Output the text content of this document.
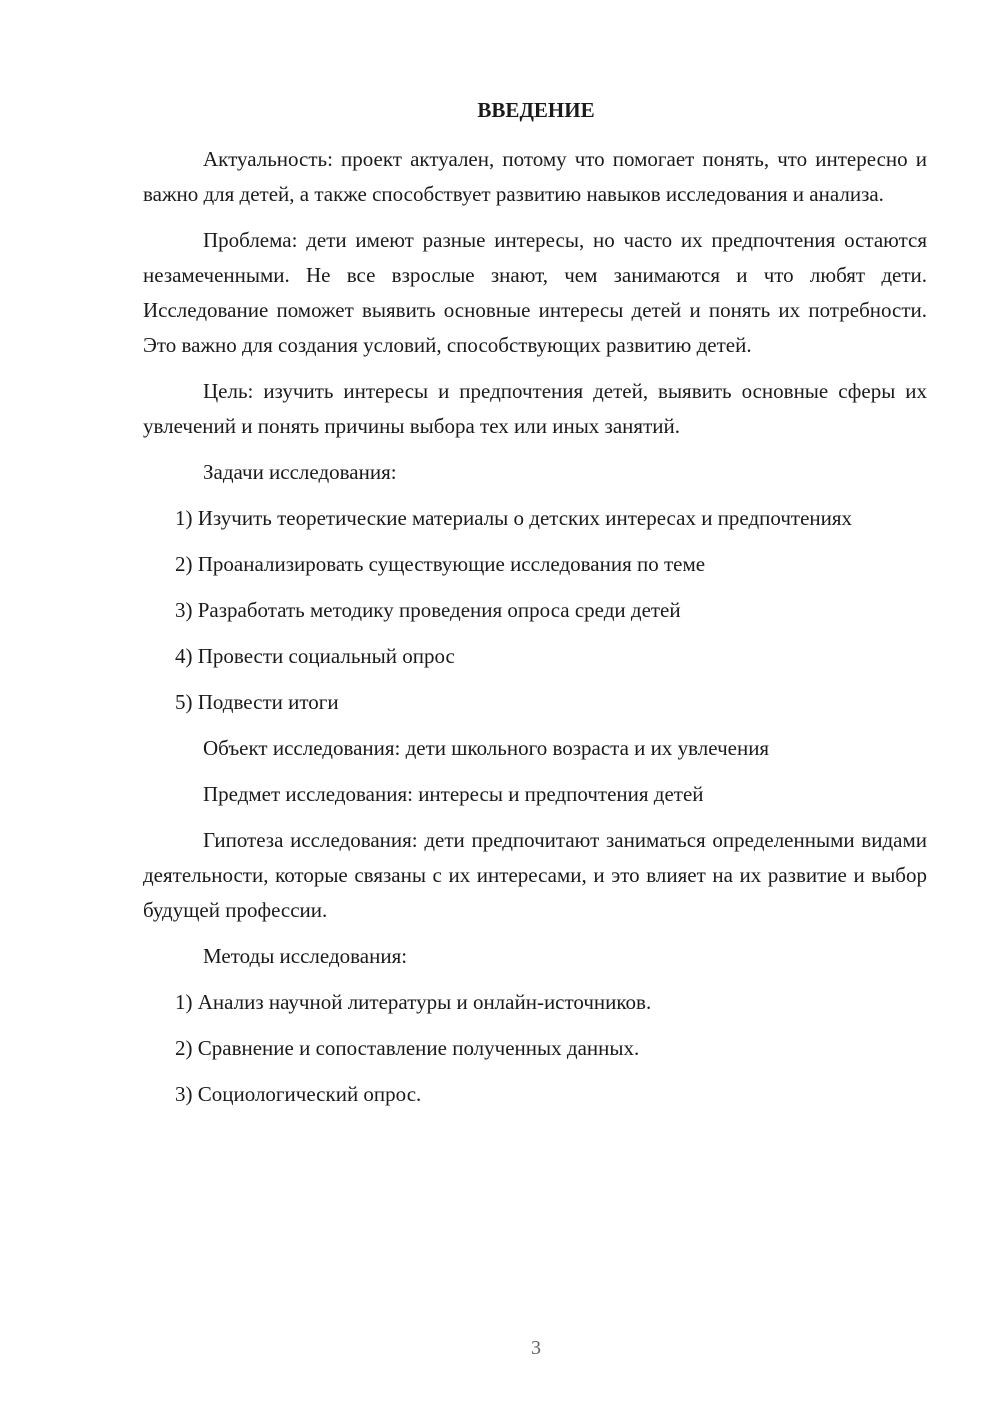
ВВЕДЕНИЕ

Актуальность: проект актуален, потому что помогает понять, что интересно и важно для детей, а также способствует развитию навыков исследования и анализа.

Проблема: дети имеют разные интересы, но часто их предпочтения остаются незамеченными. Не все взрослые знают, чем занимаются и что любят дети. Исследование поможет выявить основные интересы детей и понять их потребности. Это важно для создания условий, способствующих развитию детей.

Цель: изучить интересы и предпочтения детей, выявить основные сферы их увлечений и понять причины выбора тех или иных занятий.

Задачи исследования:

1) Изучить теоретические материалы о детских интересах и предпочтениях

2) Проанализировать существующие исследования по теме

3) Разработать методику проведения опроса среди детей

4) Провести социальный опрос

5) Подвести итоги

Объект исследования: дети школьного возраста и их увлечения

Предмет исследования: интересы и предпочтения детей

Гипотеза исследования: дети предпочитают заниматься определенными видами деятельности, которые связаны с их интересами, и это влияет на их развитие и выбор будущей профессии.

Методы исследования:

1) Анализ научной литературы и онлайн-источников.

2) Сравнение и сопоставление полученных данных.

3) Социологический опрос.

3
